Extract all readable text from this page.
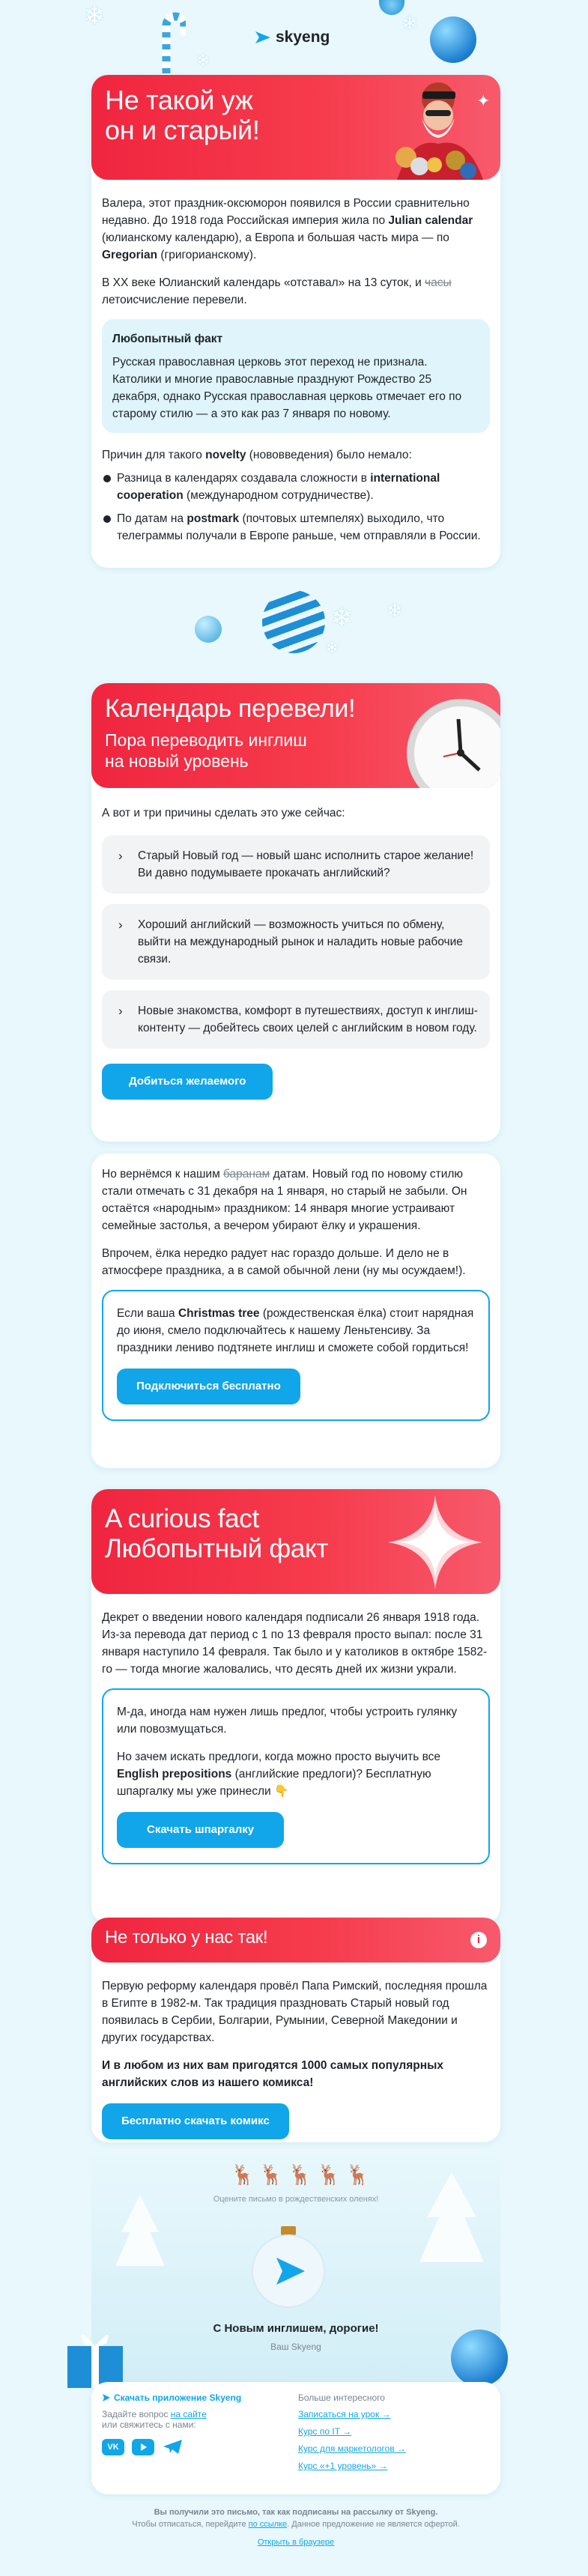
❄
❄
❄
skyeng
Не такой уж
он и старый!
✦

Валера, этот праздник-оксюморон появился в России сравнительно недавно. До 1918 года Российская империя жила по Julian calendar (юлианскому календарю), а Европа и большая часть мира — по Gregorian (григорианскому).

В XX веке Юлианский календарь «отставал» на 13 суток, и часы летоисчисление перевели.

Любопытный факт

Русская православная церковь этот переход не признала. Католики и многие православные празднуют Рождество 25 декабря, однако Русская православная церковь отмечает его по старому стилю — а это как раз 7 января по новому.

Причин для такого novelty (нововведения) было немало:

Разница в календарях создавала сложности в international cooperation (международном сотрудничестве).
По датам на postmark (почтовых штемпелях) выходило, что телеграммы получали в Европе раньше, чем отправляли в России.
❄ ❄
❄
Календарь перевели!
Пора переводить инглиш
на новый уровень

А вот и три причины сделать это уже сейчас:

› Старый Новый год — новый шанс исполнить старое желание! Ви давно подумываете прокачать английский?
› Хороший английский — возможность учиться по обмену, выйти на международный рынок и наладить новые рабочие связи.
› Новые знакомства, комфорт в путешествиях, доступ к инглиш-контенту — добейтесь своих целей с английским в новом году.
Добиться желаемого

Но вернёмся к нашим баранам датам. Новый год по новому стилю стали отмечать с 31 декабря на 1 января, но старый не забыли. Он остаётся «народным» праздником: 14 января многие устраивают семейные застолья, а вечером убирают ёлку и украшения.

Впрочем, ёлка нередко радует нас гораздо дольше. И дело не в атмосфере праздника, а в самой обычной лени (ну мы осуждаем!).

Если ваша Christmas tree (рождественская ёлка) стоит нарядная до июня, смело подключайтесь к нашему Леньтенсиву. За праздники лениво подтянете инглиш и сможете собой гордиться!

Подключиться бесплатно
A curious fact
Любопытный факт

Декрет о введении нового календаря подписали 26 января 1918 года. Из-за перевода дат период с 1 по 13 февраля просто выпал: после 31 января наступило 14 февраля. Так было и у католиков в октябре 1582-го — тогда многие жаловались, что десять дней их жизни украли.

М-да, иногда нам нужен лишь предлог, чтобы устроить гулянку или повозмущаться.

Но зачем искать предлоги, когда можно просто выучить все English prepositions (английские предлоги)? Бесплатную шпаргалку мы уже принесли 👇

Скачать шпаргалку
Не только у нас так!	i

Первую реформу календаря провёл Папа Римский, последняя прошла в Египте в 1982-м. Так традиция праздновать Старый новый год появилась в Сербии, Болгарии, Румынии, Северной Македонии и других государствах.

И в любом из них вам пригодятся 1000 самых популярных английских слов из нашего комикса!

Бесплатно скачать комикс
🦌 🦌 🦌 🦌 🦌
Оцените письмо в рождественских оленях!
С Новым инглишем, дорогие!
Ваш Skyeng
Скачать приложение Skyeng
Задайте вопрос на сайте
или свяжитесь с нами:
VK
Больше интересного
Записаться на урок →
Курс по IT →
Курс для маркетологов →
Курс «+1 уровень» →
Вы получили это письмо, так как подписаны на рассылку от Skyeng.
Чтобы отписаться, перейдите по ссылке. Данное предложение не является офертой.
Открыть в браузере
